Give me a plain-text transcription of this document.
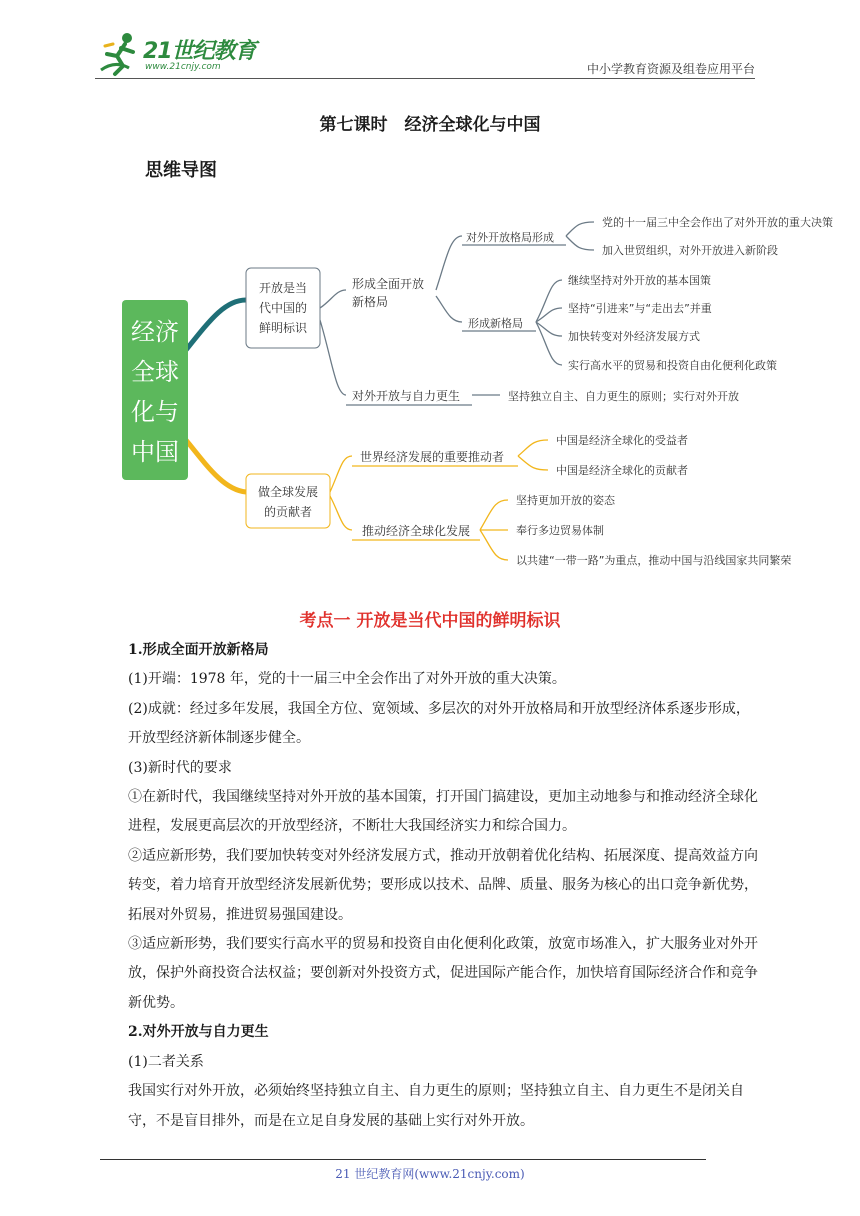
21世纪教育
www.21cnjy.com	中小学教育资源及组卷应用平台
第七课时　经济全球化与中国
思维导图
经济
全球
化与
中国
开放是当
代中国的
鲜明标识
形成全面开放
新格局
对外开放格局形成
党的十一届三中全会作出了对外开放的重大决策
加入世贸组织，对外开放进入新阶段
形成新格局
继续坚持对外开放的基本国策
坚持“引进来”与“走出去”并重
加快转变对外经济发展方式
实行高水平的贸易和投资自由化便利化政策
对外开放与自力更生	坚持独立自主、自力更生的原则；实行对外开放
做全球发展
的贡献者
世界经济发展的重要推动者
中国是经济全球化的受益者
中国是经济全球化的贡献者
推动经济全球化发展
坚持更加开放的姿态
奉行多边贸易体制
以共建“一带一路”为重点，推动中国与沿线国家共同繁荣
考点一 开放是当代中国的鲜明标识

1.形成全面开放新格局

(1)开端：1978 年，党的十一届三中全会作出了对外开放的重大决策。

(2)成就：经过多年发展，我国全方位、宽领域、多层次的对外开放格局和开放型经济体系逐步形成，开放型经济新体制逐步健全。

(3)新时代的要求

①在新时代，我国继续坚持对外开放的基本国策，打开国门搞建设，更加主动地参与和推动经济全球化进程，发展更高层次的开放型经济，不断壮大我国经济实力和综合国力。

②适应新形势，我们要加快转变对外经济发展方式，推动开放朝着优化结构、拓展深度、提高效益方向转变，着力培育开放型经济发展新优势；要形成以技术、品牌、质量、服务为核心的出口竞争新优势，拓展对外贸易，推进贸易强国建设。

③适应新形势，我们要实行高水平的贸易和投资自由化便利化政策，放宽市场准入，扩大服务业对外开放，保护外商投资合法权益；要创新对外投资方式，促进国际产能合作，加快培育国际经济合作和竞争新优势。

2.对外开放与自力更生

(1)二者关系

我国实行对外开放，必须始终坚持独立自主、自力更生的原则；坚持独立自主、自力更生不是闭关自守，不是盲目排外，而是在立足自身发展的基础上实行对外开放。

21 世纪教育网(www.21cnjy.com)
